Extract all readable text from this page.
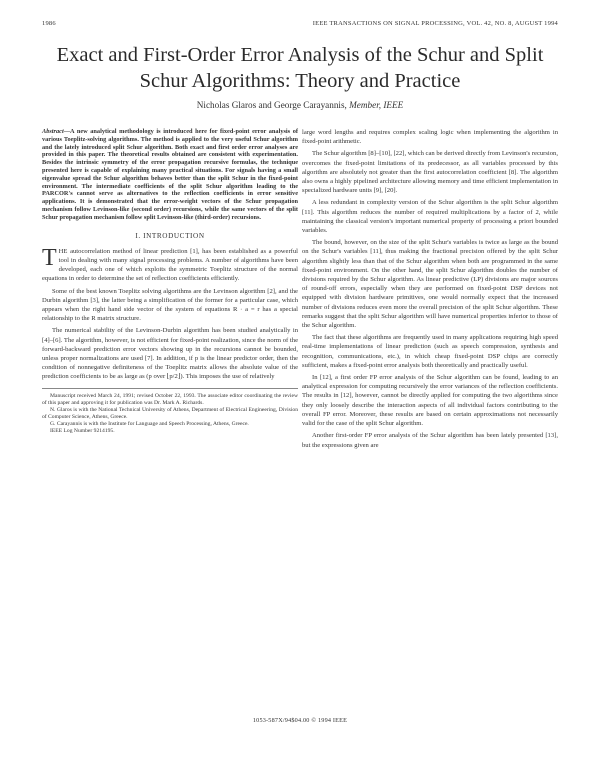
1986	IEEE TRANSACTIONS ON SIGNAL PROCESSING, VOL. 42, NO. 8, AUGUST 1994
Exact and First-Order Error Analysis of the Schur and Split Schur Algorithms: Theory and Practice
Nicholas Glaros and George Carayannis, Member, IEEE
Abstract—A new analytical methodology is introduced here for fixed-point error analysis of various Toeplitz-solving algorithms. The method is applied to the very useful Schur algorithm and the lately introduced split Schur algorithm. Both exact and first order error analyses are provided in this paper. The theoretical results obtained are consistent with experimentation. Besides the intrinsic symmetry of the error propagation recursive formulas, the technique presented here is capable of explaining many practical situations. For signals having a small eigenvalue spread the Schur algorithm behaves better than the split Schur in the fixed-point environment. The intermediate coefficients of the split Schur algorithm leading to the PARCOR's cannot serve as alternatives to the reflection coefficients in error sensitive applications. It is demonstrated that the error-weight vectors of the Schur propagation mechanism follow Levinson-like (second order) recursions, while the same vectors of the split Schur propagation mechanism follow split Levinson-like (third-order) recursions.
I. INTRODUCTION

THE autocorrelation method of linear prediction [1], has been established as a powerful tool in dealing with many signal processing problems. A number of algorithms have been developed, each one of which exploits the symmetric Toeplitz structure of the normal equations in order to determine the set of reflection coefficients efficiently.

Some of the best known Toeplitz solving algorithms are the Levinson algorithm [2], and the Durbin algorithm [3], the latter being a simplification of the former for a particular case, which appears when the right hand side vector of the system of equations R · a = r has a special relationship to the R matrix structure.

The numerical stability of the Levinson-Durbin algorithm has been studied analytically in [4]–[6]. The algorithm, however, is not efficient for fixed-point realization, since the norm of the forward-backward prediction error vectors showing up in the recursions cannot be bounded, unless proper normalizations are used [7]. In addition, if p is the linear predictor order, then the condition of nonnegative definiteness of the Toeplitz matrix allows the absolute value of the prediction coefficients to be as large as (p over ⌊p/2⌋). This imposes the use of relatively

Manuscript received March 24, 1991; revised October 22, 1993. The associate editor coordinating the review of this paper and approving it for publication was Dr. Mark A. Richards.
N. Glaros is with the National Technical University of Athens, Department of Electrical Engineering, Division of Computer Science, Athens, Greece.
G. Carayannis is with the Institute for Language and Speech Processing, Athens, Greece.
IEEE Log Number 9214195.

large word lengths and requires complex scaling logic when implementing the algorithm in fixed-point arithmetic.

The Schur algorithm [8]–[10], [22], which can be derived directly from Levinson's recursion, overcomes the fixed-point limitations of its predecessor, as all variables processed by this algorithm are absolutely not greater than the first autocorrelation coefficient [8]. The algorithm also owns a highly pipelined architecture allowing memory and time efficient implementation in specialized hardware units [9], [20].

A less redundant in complexity version of the Schur algorithm is the split Schur algorithm [11]. This algorithm reduces the number of required multiplications by a factor of 2, while maintaining the classical version's important numerical property of processing a priori bounded variables.

The bound, however, on the size of the split Schur's variables is twice as large as the bound on the Schur's variables [11], thus making the fractional precision offered by the split Schur algorithm slightly less than that of the Schur algorithm when both are programmed in the same fixed-point environment. On the other hand, the split Schur algorithm doubles the number of divisions required by the Schur algorithm. As linear predictive (LP) divisions are major sources of round-off errors, especially when they are performed on fixed-point DSP devices not equipped with division hardware primitives, one would normally expect that the increased number of divisions reduces even more the overall precision of the split Schur algorithm. These remarks suggest that the split Schur algorithm will have numerical properties inferior to those of the Schur algorithm.

The fact that these algorithms are frequently used in many applications requiring high speed real-time implementations of linear prediction (such as speech compression, synthesis and recognition, communications, etc.), in which cheap fixed-point DSP chips are correctly sufficient, makes a fixed-point error analysis both theoretically and practically useful.

In [12], a first order FP error analysis of the Schur algorithm can be found, leading to an analytical expression for computing recursively the error variances of the reflection coefficients. The results in [12], however, cannot be directly applied for computing the two algorithms since they only loosely describe the interaction aspects of all individual factors contributing to the overall FP error. Moreover, these results are based on certain approximations not necessarily valid for the case of the split Schur algorithm.

Another first-order FP error analysis of the Schur algorithm has been lately presented [13], but the expressions given are

1053-587X/94$04.00 © 1994 IEEE
